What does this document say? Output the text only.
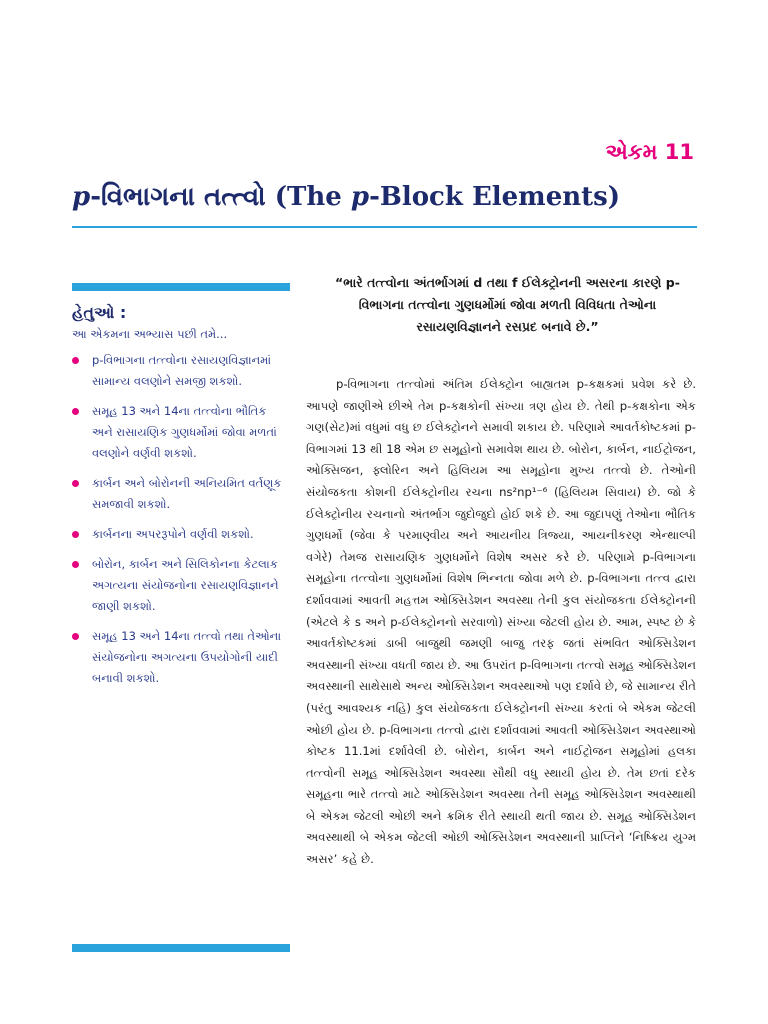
એકમ 11
p-વિભાગના તત્ત્વો (The p-Block Elements)
હેતુઓ :
આ એકમના અભ્યાસ પછી તમે...
p-વિભાગના તત્ત્વોના રસાયણવિજ્ઞાનમાં સામાન્ય વલણોને સમજી શકશો.
સમૂહ 13 અને 14ના તત્ત્વોના ભૌતિક અને રાસાયણિક ગુણધર્મોમાં જોવા મળતાં વલણોને વર્ણવી શકશો.
કાર્બન અને બોરોનની અનિયમિત વર્તણૂક સમજાવી શકશો.
કાર્બનના અપરરૂપોને વર્ણવી શકશો.
બોરોન, કાર્બન અને સિલિકોનના કેટલાક અગત્યના સંયોજનોના રસાયણવિજ્ઞાનને જાણી શકશો.
સમૂહ 13 અને 14ના તત્ત્વો તથા તેઓના સંયોજનોના અગત્યના ઉપયોગોની યાદી બનાવી શકશો.
“ભારે તત્ત્વોના અંતર્ભાગમાં d તથા f ઈલેક્ટ્રોનની અસરના કારણે p-વિભાગના તત્ત્વોના ગુણધર્મોમાં જોવા મળતી વિવિધતા તેઓના રસાયણવિજ્ઞાનને રસપ્રદ બનાવે છે.”

p-વિભાગના તત્ત્વોમાં અંતિમ ઈલેક્ટ્રોન બાહ્યતમ p-કક્ષકમાં પ્રવેશ કરે છે. આપણે જાણીએ છીએ તેમ p-કક્ષકોની સંખ્યા ત્રણ હોય છે. તેથી p-કક્ષકોના એક ગણ(સેટ)માં વધુમાં વધુ છ ઈલેક્ટ્રોનને સમાવી શકાય છે. પરિણામે આવર્તકોષ્ટકમાં p-વિભાગમાં 13 થી 18 એમ છ સમૂહોનો સમાવેશ થાય છે. બોરોન, કાર્બન, નાઈટ્રોજન, ઓક્સિજન, ફ્લોરિન અને હિલિયમ આ સમૂહોના મુખ્ય તત્ત્વો છે. તેઓની સંયોજકતા કોશની ઈલેક્ટ્રોનીય રચના ns²np¹⁻⁶ (હિલિયમ સિવાય) છે. જો કે ઈલેક્ટ્રોનીય રચનાનો અંતર્ભાગ જુદોજુદો હોઈ શકે છે. આ જુદાપણું તેઓના ભૌતિક ગુણધર્મો (જેવા કે પરમાણ્વીય અને આયનીય ત્રિજ્યા, આયનીકરણ એન્થાલ્પી વગેરે) તેમજ રાસાયણિક ગુણધર્મોને વિશેષ અસર કરે છે. પરિણામે p-વિભાગના સમૂહોના તત્ત્વોના ગુણધર્મોમાં વિશેષ ભિન્નતા જોવા મળે છે. p-વિભાગના તત્ત્વ દ્વારા દર્શાવવામાં આવતી મહત્તમ ઓક્સિડેશન અવસ્થા તેની કુલ સંયોજકતા ઈલેક્ટ્રોનની (એટલે કે s અને p-ઈલેક્ટ્રોનનો સરવાળો) સંખ્યા જેટલી હોય છે. આમ, સ્પષ્ટ છે કે આવર્તકોષ્ટકમાં ડાબી બાજુથી જમણી બાજુ તરફ જતાં સંભવિત ઓક્સિડેશન અવસ્થાની સંખ્યા વધતી જાય છે. આ ઉપરાંત p-વિભાગના તત્ત્વો સમૂહ ઓક્સિડેશન અવસ્થાની સાથેસાથે અન્ય ઓક્સિડેશન અવસ્થાઓ પણ દર્શાવે છે, જે સામાન્ય રીતે (પરંતુ આવશ્યક નહિ) કુલ સંયોજકતા ઈલેક્ટ્રોનની સંખ્યા કરતાં બે એકમ જેટલી ઓછી હોય છે. p-વિભાગના તત્ત્વો દ્વારા દર્શાવવામાં આવતી ઓક્સિડેશન અવસ્થાઓ કોષ્ટક 11.1માં દર્શાવેલી છે. બોરોન, કાર્બન અને નાઈટ્રોજન સમૂહોમાં હલકા તત્ત્વોની સમૂહ ઓક્સિડેશન અવસ્થા સૌથી વધુ સ્થાયી હોય છે. તેમ છતાં દરેક સમૂહના ભારે તત્ત્વો માટે ઓક્સિડેશન અવસ્થા તેની સમૂહ ઓક્સિડેશન અવસ્થાથી બે એકમ જેટલી ઓછી અને ક્રમિક રીતે સ્થાયી થતી જાય છે. સમૂહ ઓક્સિડેશન અવસ્થાથી બે એકમ જેટલી ઓછી ઓક્સિડેશન અવસ્થાની પ્રાપ્તિને ‘નિષ્ક્રિય યુગ્મ અસર’ કહે છે.
